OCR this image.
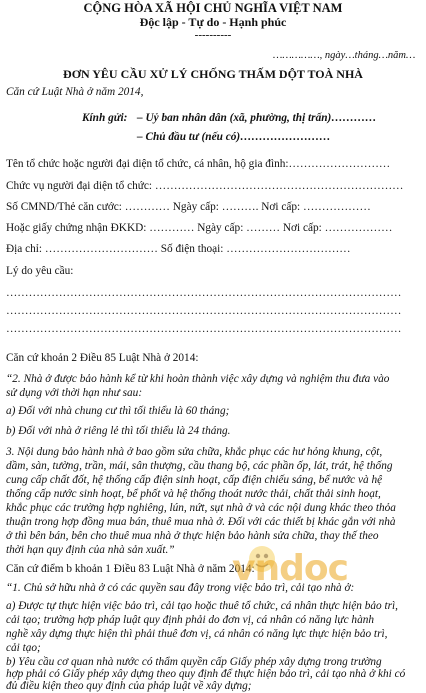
CỘNG HÒA XÃ HỘI CHỦ NGHĨA VIỆT NAM
Độc lập - Tự do - Hạnh phúc
----------
……………, ngày…tháng…năm…
ĐƠN YÊU CẦU XỬ LÝ CHỐNG THẤM DỘT TOÀ NHÀ
Căn cứ Luật Nhà ở năm 2014,
Kính gửi: – Uỷ ban nhân dân (xã, phường, thị trấn)…………
– Chủ đầu tư (nếu có)……………………
Tên tổ chức hoặc người đại diện tổ chức, cá nhân, hộ gia đình:………………………
Chức vụ người đại diện tổ chức: …………………………………………………………
Số CMND/Thẻ căn cước: ………… Ngày cấp: ………. Nơi cấp: ………………
Hoặc giấy chứng nhận ĐKKD: ………… Ngày cấp: ……… Nơi cấp: ………………
Địa chỉ: ………………………… Số điện thoại: ……………………………
Lý do yêu cầu:
……………………………………………………………………………………………
……………………………………………………………………………………………
……………………………………………………………………………………………
Căn cứ khoản 2 Điều 85 Luật Nhà ở 2014:
“2. Nhà ở được bảo hành kể từ khi hoàn thành việc xây dựng và nghiệm thu đưa vào
sử dụng với thời hạn như sau:
a) Đối với nhà chung cư thì tối thiểu là 60 tháng;
b) Đối với nhà ở riêng lẻ thì tối thiểu là 24 tháng.
3. Nội dung bảo hành nhà ở bao gồm sửa chữa, khắc phục các hư hỏng khung, cột,
dầm, sàn, tường, trần, mái, sân thượng, cầu thang bộ, các phần ốp, lát, trát, hệ thống
cung cấp chất đốt, hệ thống cấp điện sinh hoạt, cấp điện chiếu sáng, bể nước và hệ
thống cấp nước sinh hoạt, bể phốt và hệ thống thoát nước thải, chất thải sinh hoạt,
khắc phục các trường hợp nghiêng, lún, nứt, sụt nhà ở và các nội dung khác theo thỏa
thuận trong hợp đồng mua bán, thuê mua nhà ở. Đối với các thiết bị khác gắn với nhà
ở thì bên bán, bên cho thuê mua nhà ở thực hiện bảo hành sửa chữa, thay thế theo
thời hạn quy định của nhà sản xuất.”
Căn cứ điểm b khoản 1 Điều 83 Luật Nhà ở năm 2014:
“1. Chủ sở hữu nhà ở có các quyền sau đây trong việc bảo trì, cải tạo nhà ở:
a) Được tự thực hiện việc bảo trì, cải tạo hoặc thuê tổ chức, cá nhân thực hiện bảo trì,
cải tạo; trường hợp pháp luật quy định phải do đơn vị, cá nhân có năng lực hành
nghề xây dựng thực hiện thì phải thuê đơn vị, cá nhân có năng lực thực hiện bảo trì,
cải tạo;
b) Yêu cầu cơ quan nhà nước có thẩm quyền cấp Giấy phép xây dựng trong trường
hợp phải có Giấy phép xây dựng theo quy định để thực hiện bảo trì, cải tạo nhà ở khi có
đủ điều kiện theo quy định của pháp luật về xây dựng;
vndoc
